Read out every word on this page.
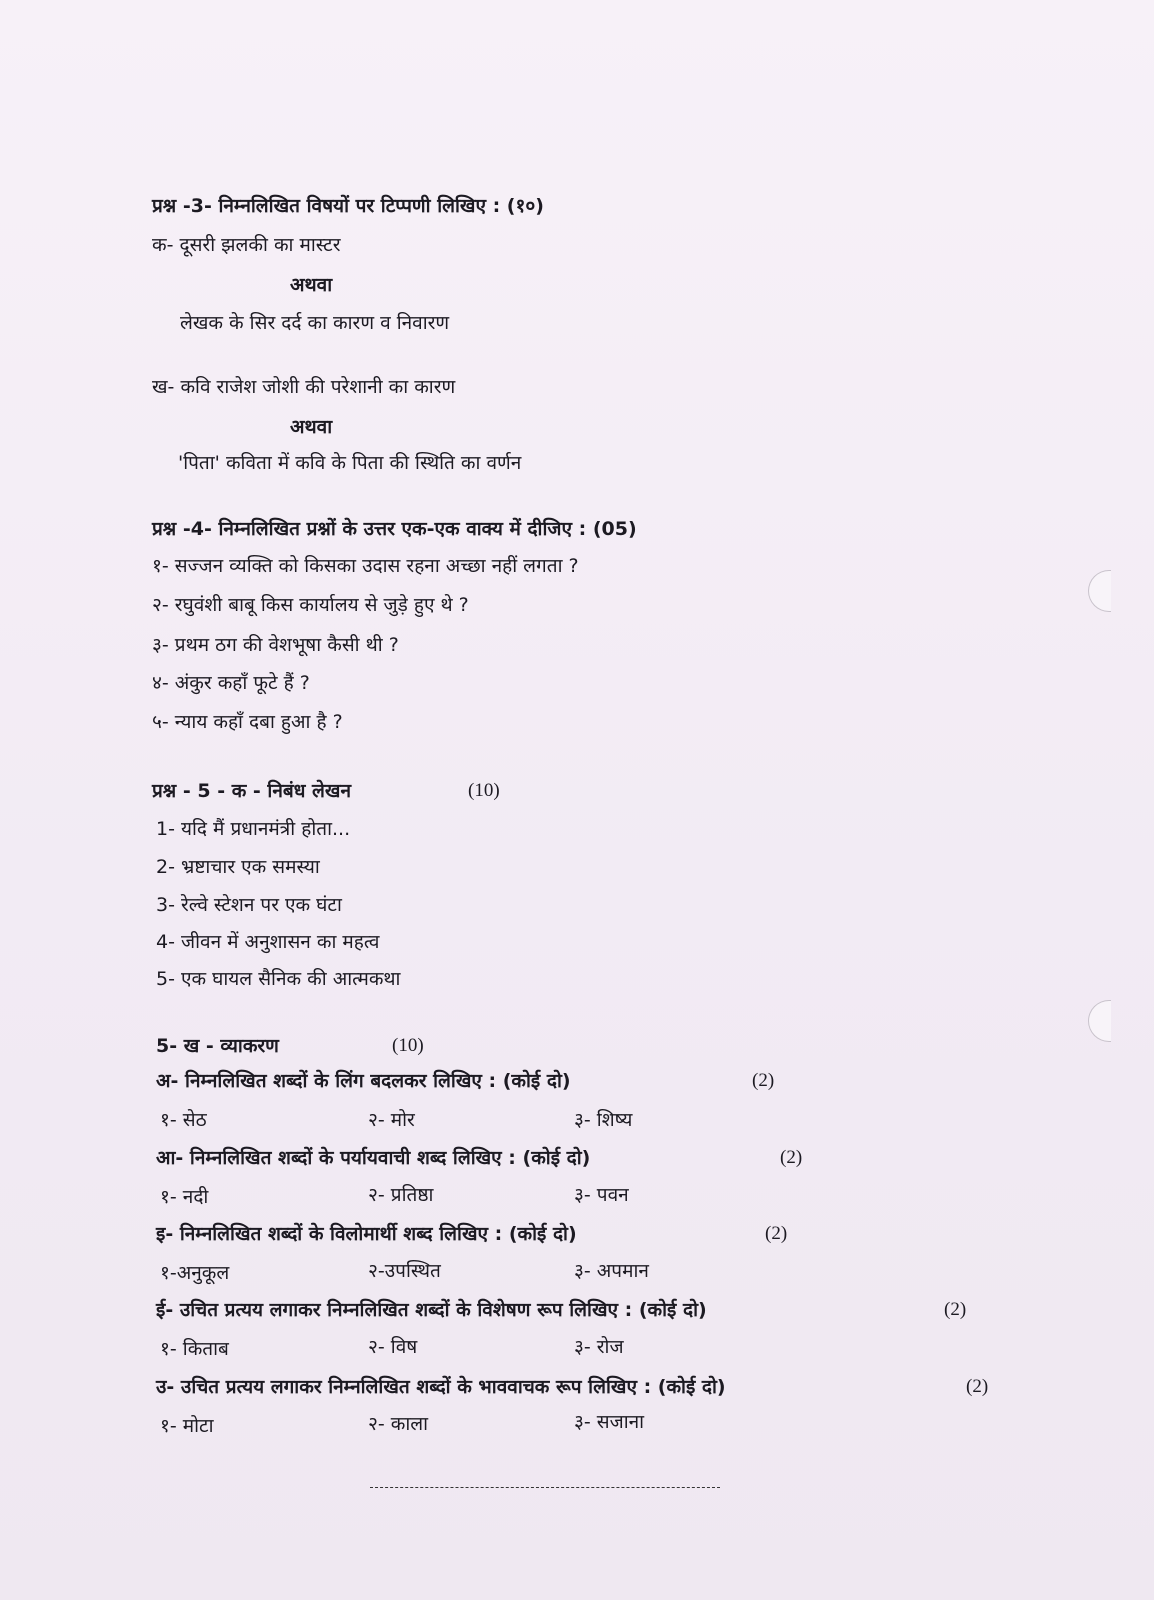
प्रश्न -3- निम्नलिखित विषयों पर टिप्पणी लिखिए : (१०)
क- दूसरी झलकी का मास्टर
अथवा
लेखक के सिर दर्द का कारण व निवारण
ख- कवि राजेश जोशी की परेशानी का कारण
अथवा
'पिता' कविता में कवि के पिता की स्थिति का वर्णन
प्रश्न -4- निम्नलिखित प्रश्नों के उत्तर एक-एक वाक्य में दीजिए : (05)
१- सज्जन व्यक्ति को किसका उदास रहना अच्छा नहीं लगता ?
२- रघुवंशी बाबू किस कार्यालय से जुड़े हुए थे ?
३- प्रथम ठग की वेशभूषा कैसी थी ?
४- अंकुर कहाँ फूटे हैं ?
५- न्याय कहाँ दबा हुआ है ?
प्रश्न - 5 - क - निबंध लेखन	(10)
1- यदि मैं प्रधानमंत्री होता...
2- भ्रष्टाचार एक समस्या
3- रेल्वे स्टेशन पर एक घंटा
4- जीवन में अनुशासन का महत्व
5- एक घायल सैनिक की आत्मकथा
5- ख - व्याकरण	(10)
अ- निम्नलिखित शब्दों के लिंग बदलकर लिखिए : (कोई दो)	(2)
१- सेठ	२- मोर	३- शिष्य
आ- निम्नलिखित शब्दों के पर्यायवाची शब्द लिखिए : (कोई दो)	(2)
१- नदी	२- प्रतिष्ठा	३- पवन
इ- निम्नलिखित शब्दों के विलोमार्थी शब्द लिखिए : (कोई दो)	(2)
१-अनुकूल	२-उपस्थित	३- अपमान
ई- उचित प्रत्यय लगाकर निम्नलिखित शब्दों के विशेषण रूप लिखिए : (कोई दो)	(2)
१- किताब	२- विष	३- रोज
उ- उचित प्रत्यय लगाकर निम्नलिखित शब्दों के भाववाचक रूप लिखिए : (कोई दो)	(2)
१- मोटा	२- काला	३- सजाना
